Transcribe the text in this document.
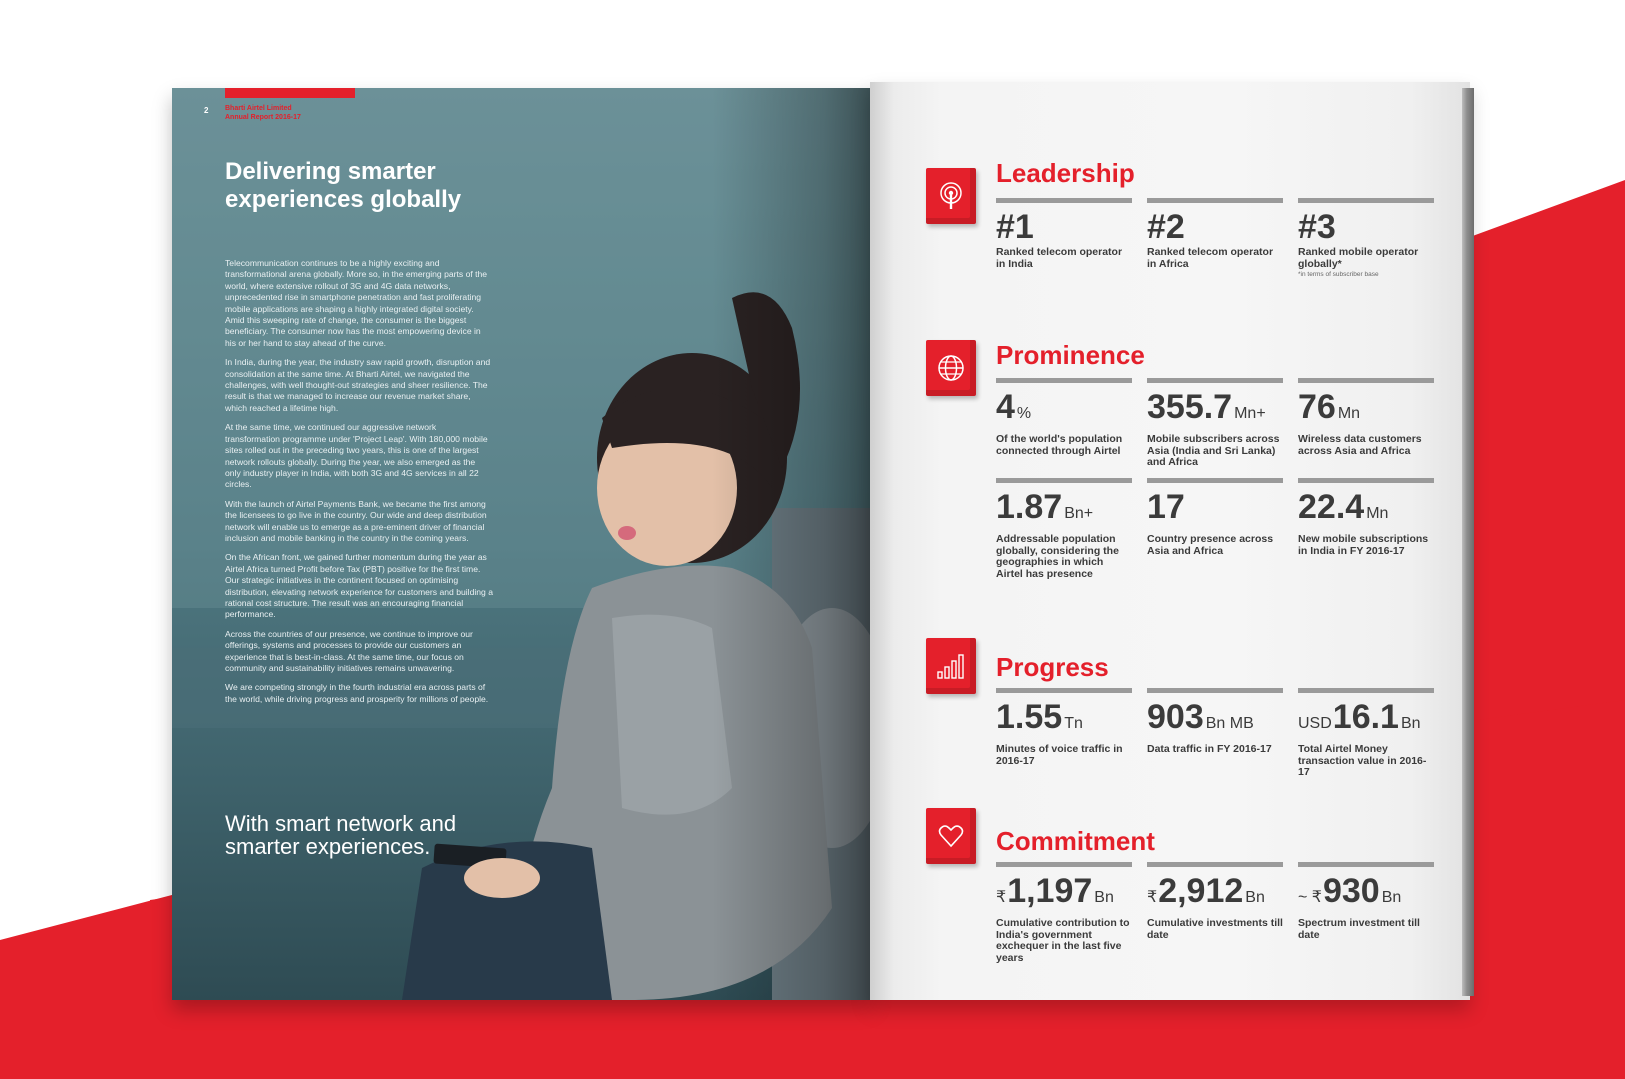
2 Bharti Airtel Limited
Annual Report 2016-17
Delivering smarter experiences globally

Telecommunication continues to be a highly exciting and transformational arena globally. More so, in the emerging parts of the world, where extensive rollout of 3G and 4G data networks, unprecedented rise in smartphone penetration and fast proliferating mobile applications are shaping a highly integrated digital society. Amid this sweeping rate of change, the consumer is the biggest beneficiary. The consumer now has the most empowering device in his or her hand to stay ahead of the curve.

In India, during the year, the industry saw rapid growth, disruption and consolidation at the same time. At Bharti Airtel, we navigated the challenges, with well thought-out strategies and sheer resilience. The result is that we managed to increase our revenue market share, which reached a lifetime high.

At the same time, we continued our aggressive network transformation programme under 'Project Leap'. With 180,000 mobile sites rolled out in the preceding two years, this is one of the largest network rollouts globally. During the year, we also emerged as the only industry player in India, with both 3G and 4G services in all 22 circles.

With the launch of Airtel Payments Bank, we became the first among the licensees to go live in the country. Our wide and deep distribution network will enable us to emerge as a pre-eminent driver of financial inclusion and mobile banking in the country in the coming years.

On the African front, we gained further momentum during the year as Airtel Africa turned Profit before Tax (PBT) positive for the first time. Our strategic initiatives in the continent focused on optimising distribution, elevating network experience for customers and building a rational cost structure. The result was an encouraging financial performance.

Across the countries of our presence, we continue to improve our offerings, systems and processes to provide our customers an experience that is best-in-class. At the same time, our focus on community and sustainability initiatives remains unwavering.

We are competing strongly in the fourth industrial era across parts of the world, while driving progress and prosperity for millions of people.

With smart network and smarter experiences.
Leadership
#1
Ranked telecom operator in India
#2
Ranked telecom operator in Africa
#3
Ranked mobile operator globally*
*in terms of subscriber base
Prominence
4 %
Of the world's population connected through Airtel
355.7 Mn+
Mobile subscribers across Asia (India and Sri Lanka) and Africa
76 Mn
Wireless data customers across Asia and Africa
1.87 Bn+
Addressable population globally, considering the geographies in which Airtel has presence
17
Country presence across Asia and Africa
22.4 Mn
New mobile subscriptions in India in FY 2016-17
Progress
1.55 Tn
Minutes of voice traffic in 2016-17
903 Bn MB
Data traffic in FY 2016-17
USD16.1 Bn
Total Airtel Money transaction value in 2016-17
Commitment
₹1,197 Bn
Cumulative contribution to India's government exchequer in the last five years
₹2,912 Bn
Cumulative investments till date
~ ₹930 Bn
Spectrum investment till date
